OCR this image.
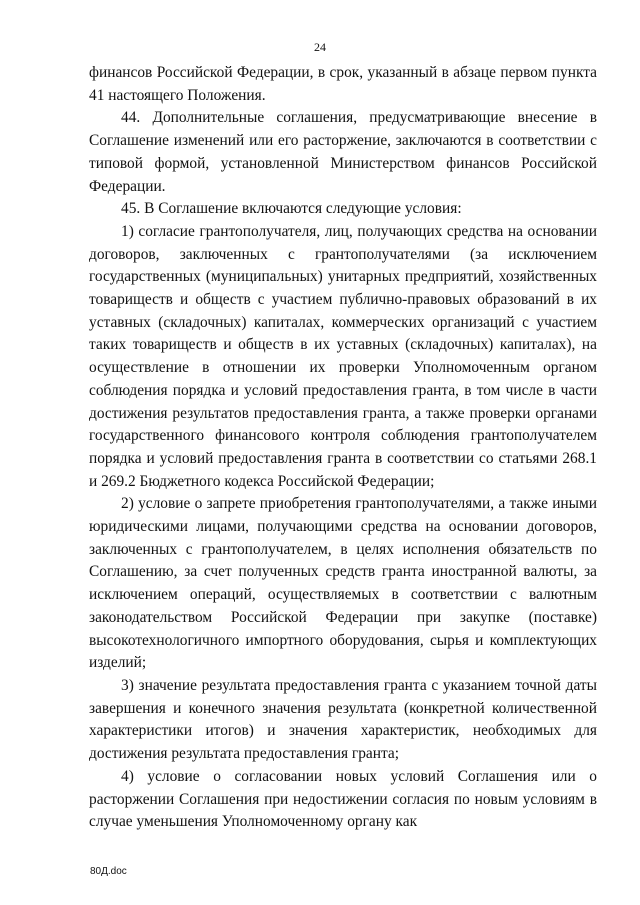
24

финансов Российской Федерации, в срок, указанный в абзаце первом пункта 41 настоящего Положения.

44. Дополнительные соглашения, предусматривающие внесение в Соглашение изменений или его расторжение, заключаются в соответствии с типовой формой, установленной Министерством финансов Российской Федерации.

45. В Соглашение включаются следующие условия:

1) согласие грантополучателя, лиц, получающих средства на основании договоров, заключенных с грантополучателями (за исключением государственных (муниципальных) унитарных предприятий, хозяйственных товариществ и обществ с участием публично-правовых образований в их уставных (складочных) капиталах, коммерческих организаций с участием таких товариществ и обществ в их уставных (складочных) капиталах), на осуществление в отношении их проверки Уполномоченным органом соблюдения порядка и условий предоставления гранта, в том числе в части достижения результатов предоставления гранта, а также проверки органами государственного финансового контроля соблюдения грантополучателем порядка и условий предоставления гранта в соответствии со статьями 268.1 и 269.2 Бюджетного кодекса Российской Федерации;

2) условие о запрете приобретения грантополучателями, а также иными юридическими лицами, получающими средства на основании договоров, заключенных с грантополучателем, в целях исполнения обязательств по Соглашению, за счет полученных средств гранта иностранной валюты, за исключением операций, осуществляемых в соответствии с валютным законодательством Российской Федерации при закупке (поставке) высокотехнологичного импортного оборудования, сырья и комплектующих изделий;

3) значение результата предоставления гранта с указанием точной даты завершения и конечного значения результата (конкретной количественной характеристики итогов) и значения характеристик, необходимых для достижения результата предоставления гранта;

4) условие о согласовании новых условий Соглашения или о расторжении Соглашения при недостижении согласия по новым условиям в случае уменьшения Уполномоченному органу как

80Д.doc
